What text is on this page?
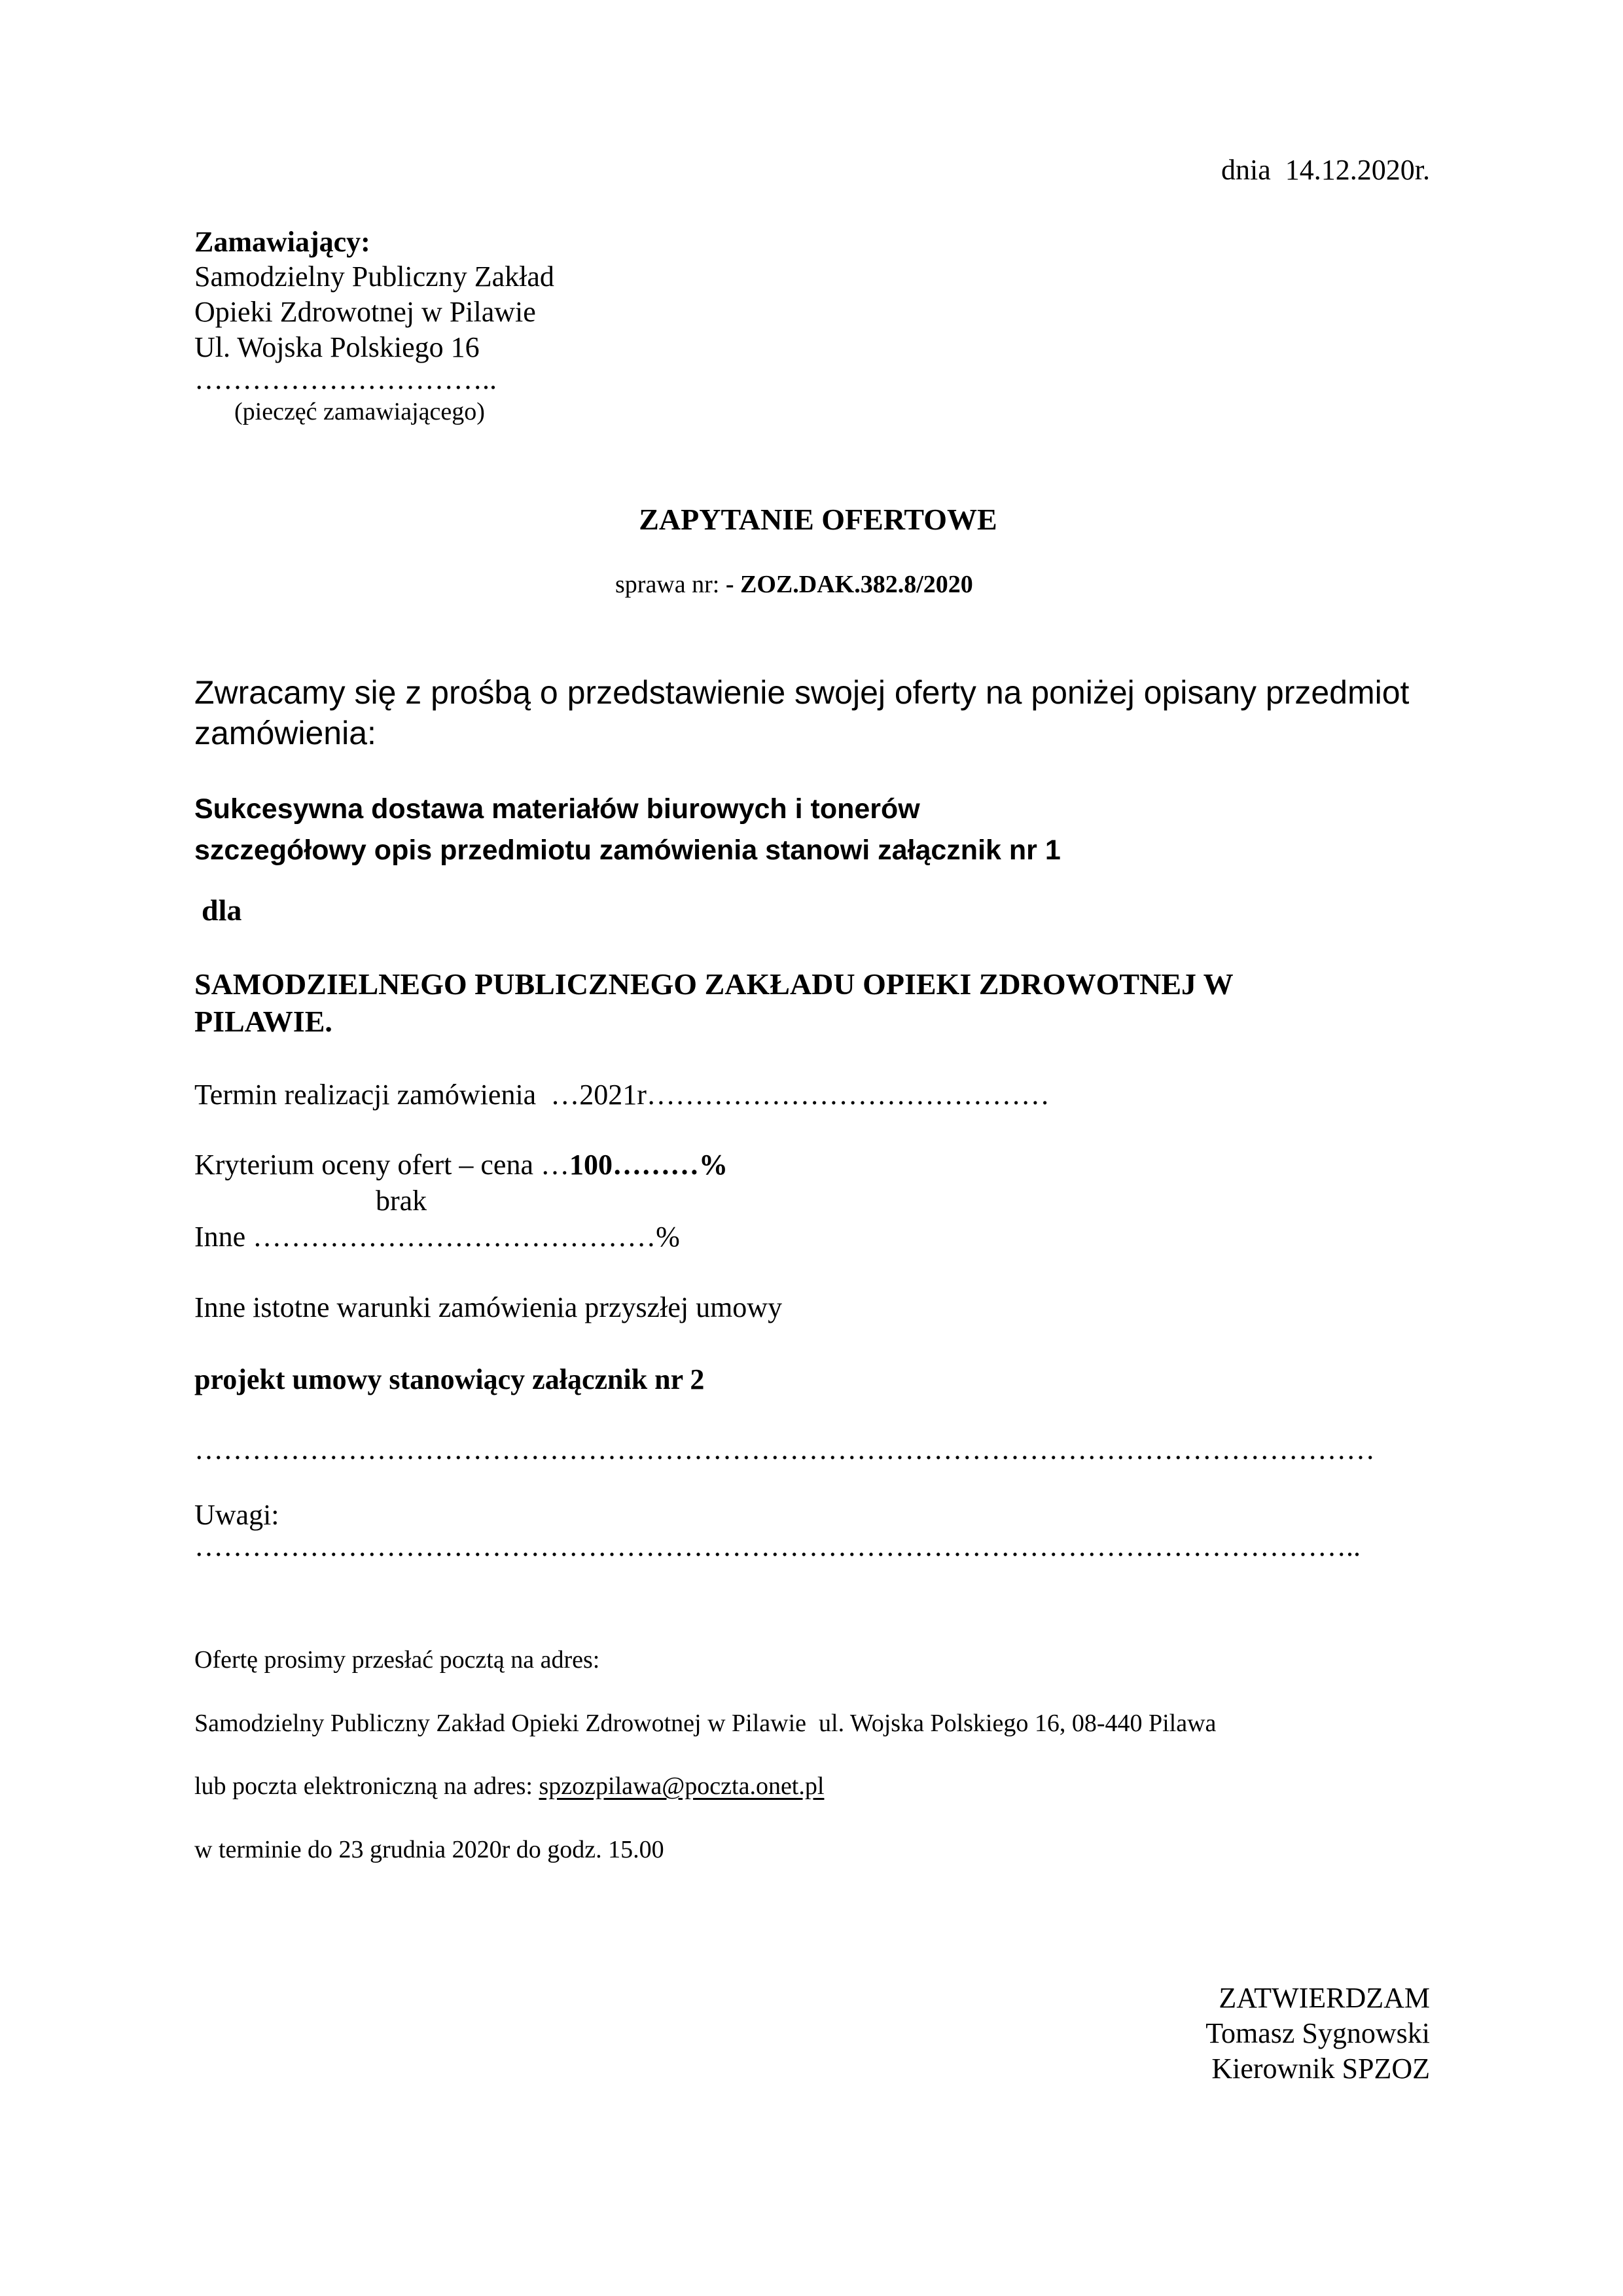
dnia  14.12.2020r.
Zamawiający:
Samodzielny Publiczny Zakład
Opieki Zdrowotnej w Pilawie
Ul. Wojska Polskiego 16
…………………………..
(pieczęć zamawiającego)
ZAPYTANIE OFERTOWE
sprawa nr: - ZOZ.DAK.382.8/2020
Zwracamy się z prośbą o przedstawienie swojej oferty na poniżej opisany przedmiot
zamówienia:
Sukcesywna dostawa materiałów biurowych i tonerów
szczegółowy opis przedmiotu zamówienia stanowi załącznik nr 1
dla
SAMODZIELNEGO PUBLICZNEGO ZAKŁADU OPIEKI ZDROWOTNEJ W
PILAWIE.
Termin realizacji zamówienia  …2021r……………………………………
Kryterium oceny ofert – cena …100………%
brak
Inne ……………………………………%
Inne istotne warunki zamówienia przyszłej umowy
projekt umowy stanowiący załącznik nr 2
……………………………………………………………………………………………………………
Uwagi:
…………………………………………………………………………………………………………..
Ofertę prosimy przesłać pocztą na adres:
Samodzielny Publiczny Zakład Opieki Zdrowotnej w Pilawie  ul. Wojska Polskiego 16, 08-440 Pilawa
lub poczta elektroniczną na adres: spzozpilawa@poczta.onet.pl
w terminie do 23 grudnia 2020r do godz. 15.00
ZATWIERDZAM
Tomasz Sygnowski
Kierownik SPZOZ
